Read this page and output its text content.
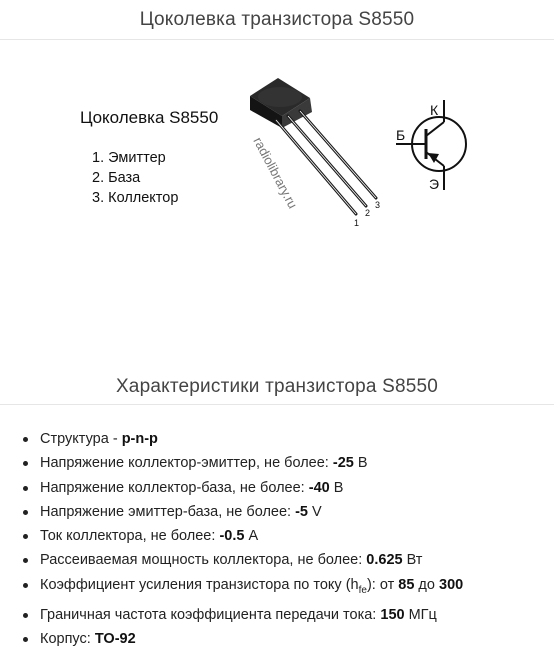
Цоколевка транзистора S8550
Цоколевка S8550
1. Эмиттер
2. База
3. Коллектор	radiolibrary.ru
1
2
3
К
Б
Э
Характеристики транзистора S8550
Структура - p-n-p
Напряжение коллектор-эмиттер, не более: -25 В
Напряжение коллектор-база, не более: -40 В
Напряжение эмиттер-база, не более: -5 V
Ток коллектора, не более: -0.5 А
Рассеиваемая мощность коллектора, не более: 0.625 Вт
Коэффициент усиления транзистора по току $(h_{fe})$: от 85 до 300
Граничная частота коэффициента передачи тока: 150 МГц
Корпус: TO-92
